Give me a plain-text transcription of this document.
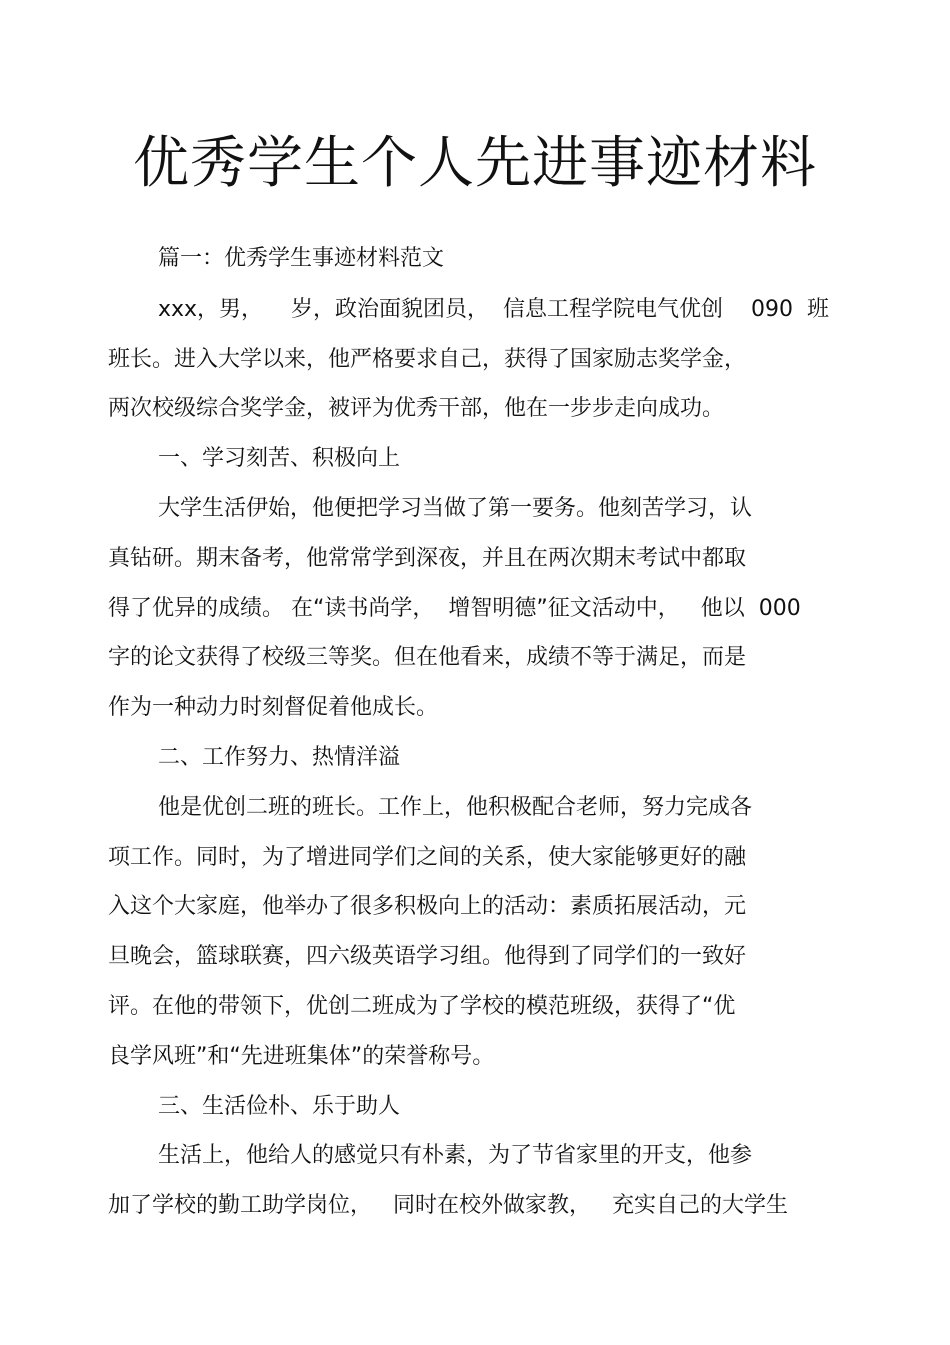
优秀学生个人先进事迹材料
篇一：优秀学生事迹材料范文
xxx，男，    岁，政治面貌团员，  信息工程学院电气优创    090  班
班长。进入大学以来，他严格要求自己，获得了国家励志奖学金，
两次校级综合奖学金，被评为优秀干部，他在一步步走向成功。
一、学习刻苦、积极向上
大学生活伊始，他便把学习当做了第一要务。他刻苦学习，认
真钻研。期末备考，他常常学到深夜，并且在两次期末考试中都取
得了优异的成绩。 在“读书尚学，  增智明德”征文活动中，   他以  000
字的论文获得了校级三等奖。但在他看来，成绩不等于满足，而是
作为一种动力时刻督促着他成长。
二、工作努力、热情洋溢
他是优创二班的班长。工作上，他积极配合老师，努力完成各
项工作。同时，为了增进同学们之间的关系，使大家能够更好的融
入这个大家庭，他举办了很多积极向上的活动：素质拓展活动，元
旦晚会，篮球联赛，四六级英语学习组。他得到了同学们的一致好
评。在他的带领下，优创二班成为了学校的模范班级，获得了“优
良学风班”和“先进班集体”的荣誉称号。
三、生活俭朴、乐于助人
生活上，他给人的感觉只有朴素，为了节省家里的开支，他参
加了学校的勤工助学岗位，   同时在校外做家教，   充实自己的大学生
